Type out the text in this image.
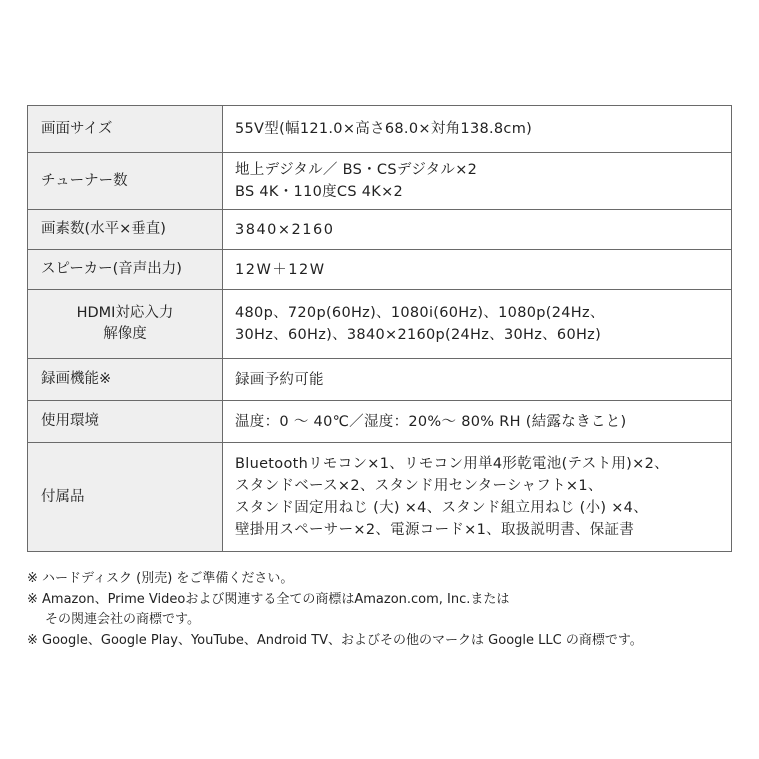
画面サイズ	55V型(幅121.0×高さ68.0×対角138.8cm)

チューナー数	地上デジタル／ BS・CSデジタル×2
BS 4K・110度CS 4K×2

画素数(水平×垂直)	3840×2160

スピーカー(音声出力)	12W＋12W

HDMI対応入力
解像度	480p、720p(60Hz)、1080i(60Hz)、1080p(24Hz、
30Hz、60Hz)、3840×2160p(24Hz、30Hz、60Hz)

録画機能※	録画予約可能

使用環境	温度：0 〜 40℃／湿度：20%〜 80% RH (結露なきこと)

付属品	Bluetoothリモコン×1、リモコン用単4形乾電池(テスト用)×2、
スタンドベース×2、スタンド用センターシャフト×1、
スタンド固定用ねじ (大) ×4、スタンド組立用ねじ (小) ×4、
壁掛用スペーサー×2、電源コード×1、取扱説明書、保証書
※ ハードディスク (別売) をご準備ください。
※ Amazon、Prime Videoおよび関連する全ての商標はAmazon.com, Inc.または
その関連会社の商標です。
※ Google、Google Play、YouTube、Android TV、およびその他のマークは Google LLC の商標です。
